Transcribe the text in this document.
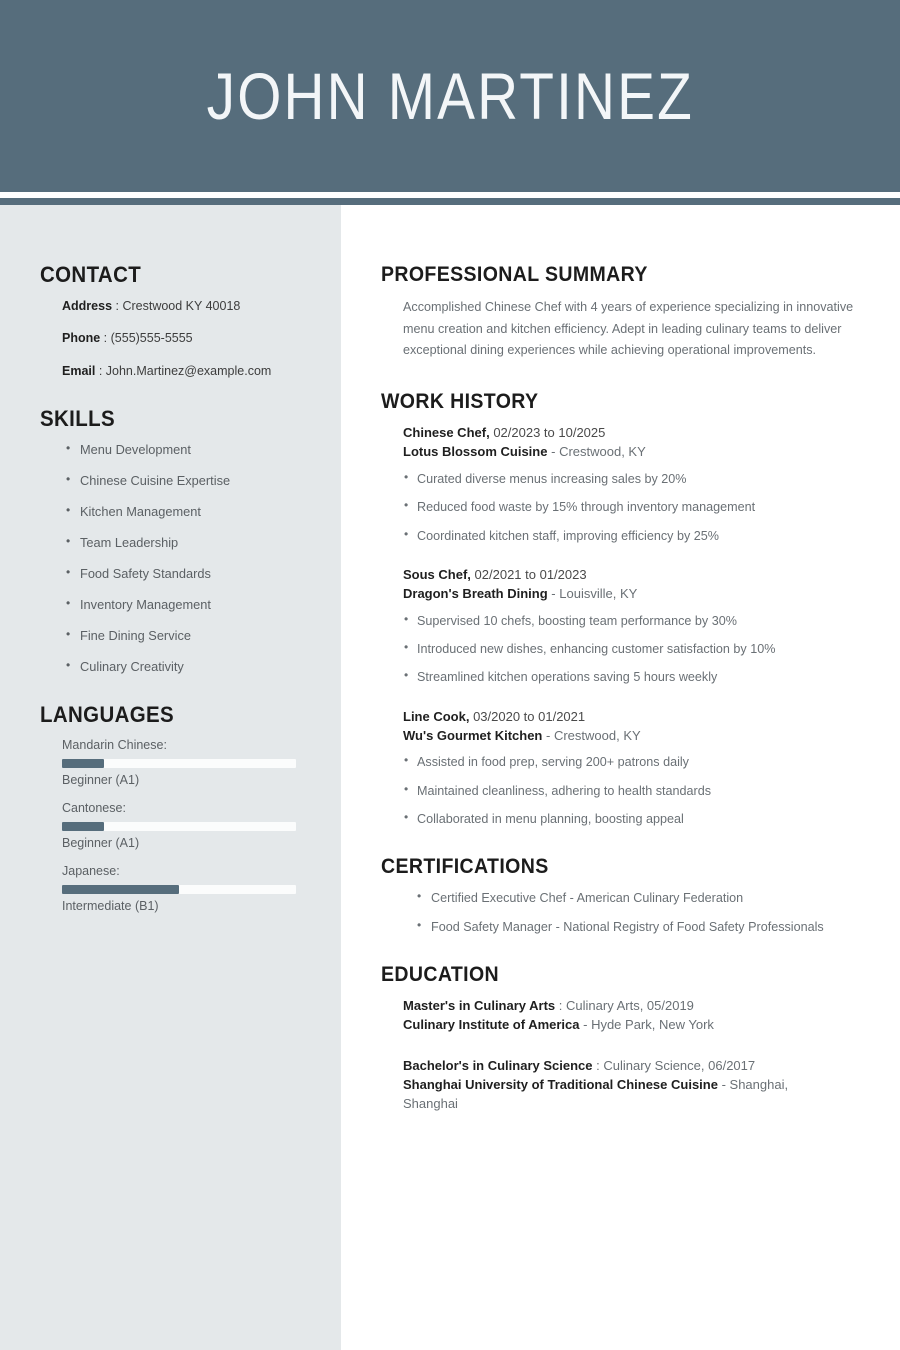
JOHN MARTINEZ
CONTACT
Address : Crestwood KY 40018
Phone : (555)555-5555
Email : John.Martinez@example.com
SKILLS
• Menu Development
• Chinese Cuisine Expertise
• Kitchen Management
• Team Leadership
• Food Safety Standards
• Inventory Management
• Fine Dining Service
• Culinary Creativity
LANGUAGES
Mandarin Chinese:
Beginner (A1)
Cantonese:
Beginner (A1)
Japanese:
Intermediate (B1)
PROFESSIONAL SUMMARY

Accomplished Chinese Chef with 4 years of experience specializing in innovative menu creation and kitchen efficiency. Adept in leading culinary teams to deliver exceptional dining experiences while achieving operational improvements.

WORK HISTORY
Chinese Chef, 02/2023 to 10/2025
Lotus Blossom Cuisine - Crestwood, KY
• Curated diverse menus increasing sales by 20%
• Reduced food waste by 15% through inventory management
• Coordinated kitchen staff, improving efficiency by 25%
Sous Chef, 02/2021 to 01/2023
Dragon's Breath Dining - Louisville, KY
• Supervised 10 chefs, boosting team performance by 30%
• Introduced new dishes, enhancing customer satisfaction by 10%
• Streamlined kitchen operations saving 5 hours weekly
Line Cook, 03/2020 to 01/2021
Wu's Gourmet Kitchen - Crestwood, KY
• Assisted in food prep, serving 200+ patrons daily
• Maintained cleanliness, adhering to health standards
• Collaborated in menu planning, boosting appeal
CERTIFICATIONS
• Certified Executive Chef - American Culinary Federation
• Food Safety Manager - National Registry of Food Safety Professionals
EDUCATION
Master's in Culinary Arts : Culinary Arts, 05/2019
Culinary Institute of America - Hyde Park, New York
Bachelor's in Culinary Science : Culinary Science, 06/2017
Shanghai University of Traditional Chinese Cuisine - Shanghai, Shanghai
